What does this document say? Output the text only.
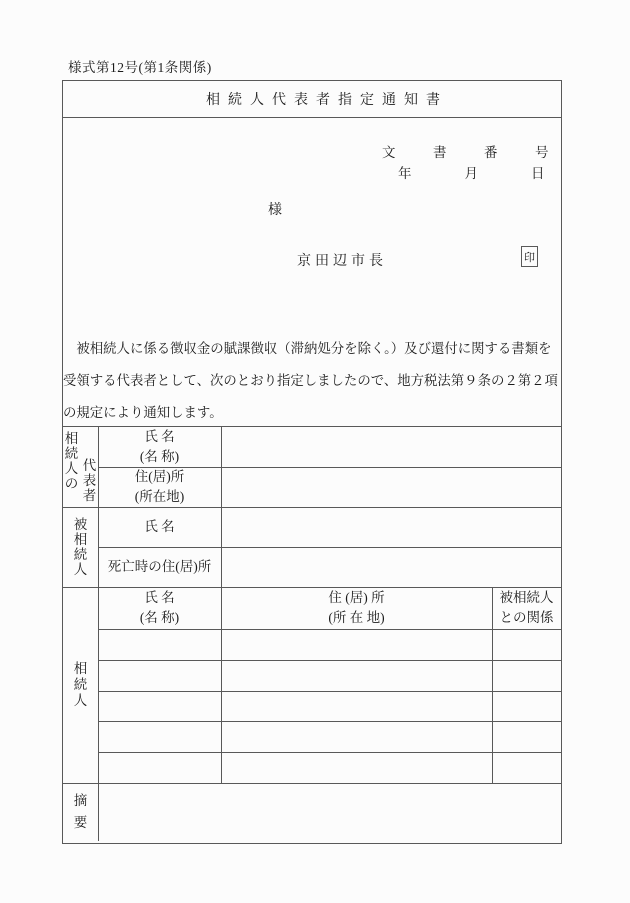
様式第12号(第1条関係)
相続人代表者指定通知書
文書番号
年月日
様
京田辺市長	印
　被相続人に係る徴収金の賦課徴収（滞納処分を除く。）及び還付に関する書類を
受領する代表者として、次のとおり指定しましたので、地方税法第９条の２第２項
の規定により通知します。
相続人の
代表者
氏 名
(名 称)
住(居)所
(所在地)
被相続人
氏 名
死亡時の住(居)所
相続人
氏 名
(名 称)
住 (居) 所
(所 在 地)
被相続人
との関係
摘要
